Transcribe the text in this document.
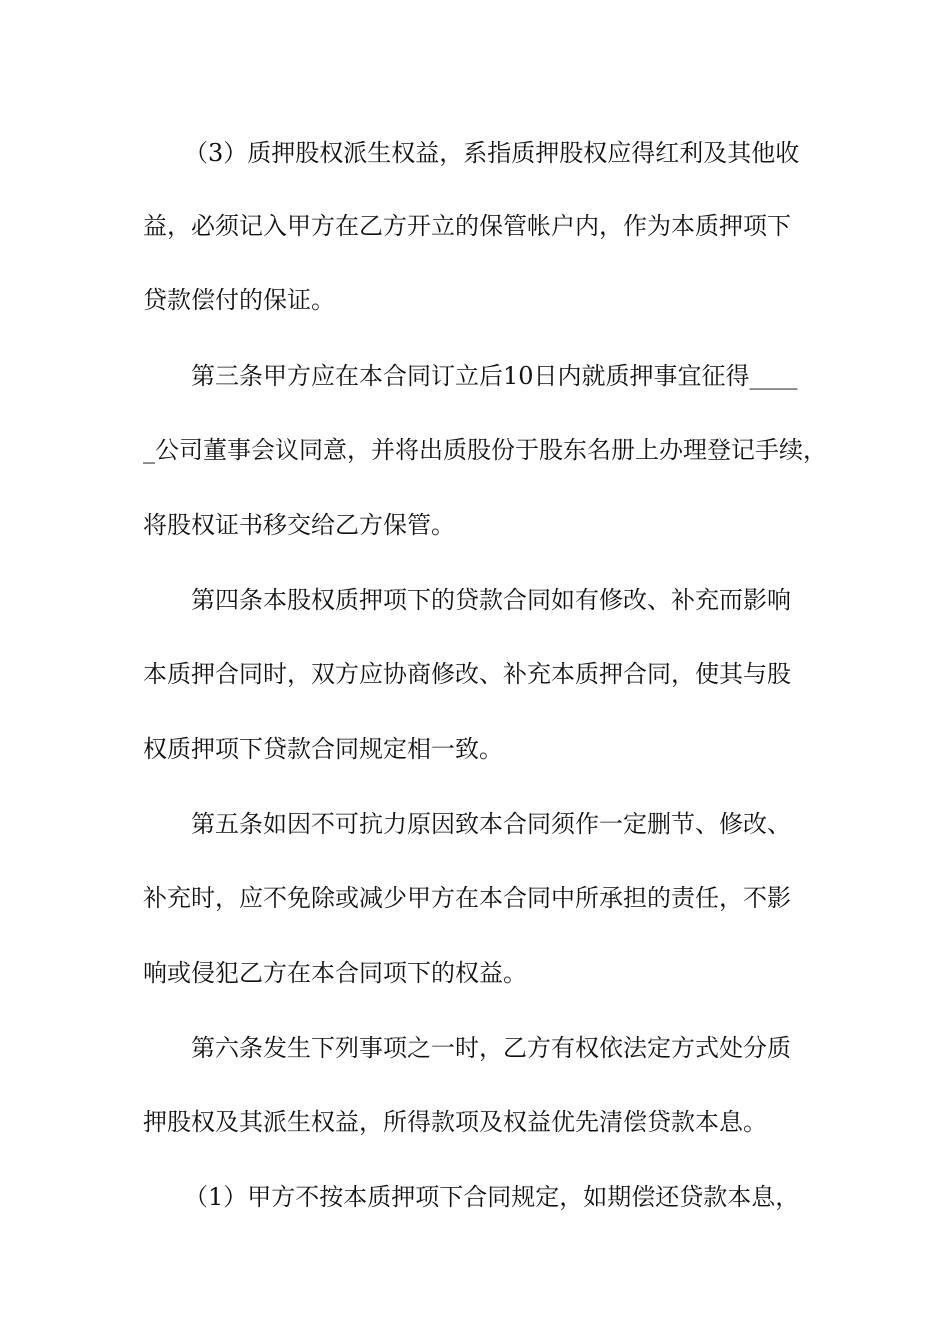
（3）质押股权派生权益，系指质押股权应得红利及其他收
益，必须记入甲方在乙方开立的保管帐户内，作为本质押项下
贷款偿付的保证。
第三条甲方应在本合同订立后10日内就质押事宜征得____
_公司董事会议同意，并将出质股份于股东名册上办理登记手续，
将股权证书移交给乙方保管。
第四条本股权质押项下的贷款合同如有修改、补充而影响
本质押合同时，双方应协商修改、补充本质押合同，使其与股
权质押项下贷款合同规定相一致。
第五条如因不可抗力原因致本合同须作一定删节、修改、
补充时，应不免除或减少甲方在本合同中所承担的责任，不影
响或侵犯乙方在本合同项下的权益。
第六条发生下列事项之一时，乙方有权依法定方式处分质
押股权及其派生权益，所得款项及权益优先清偿贷款本息。
（1）甲方不按本质押项下合同规定，如期偿还贷款本息，
